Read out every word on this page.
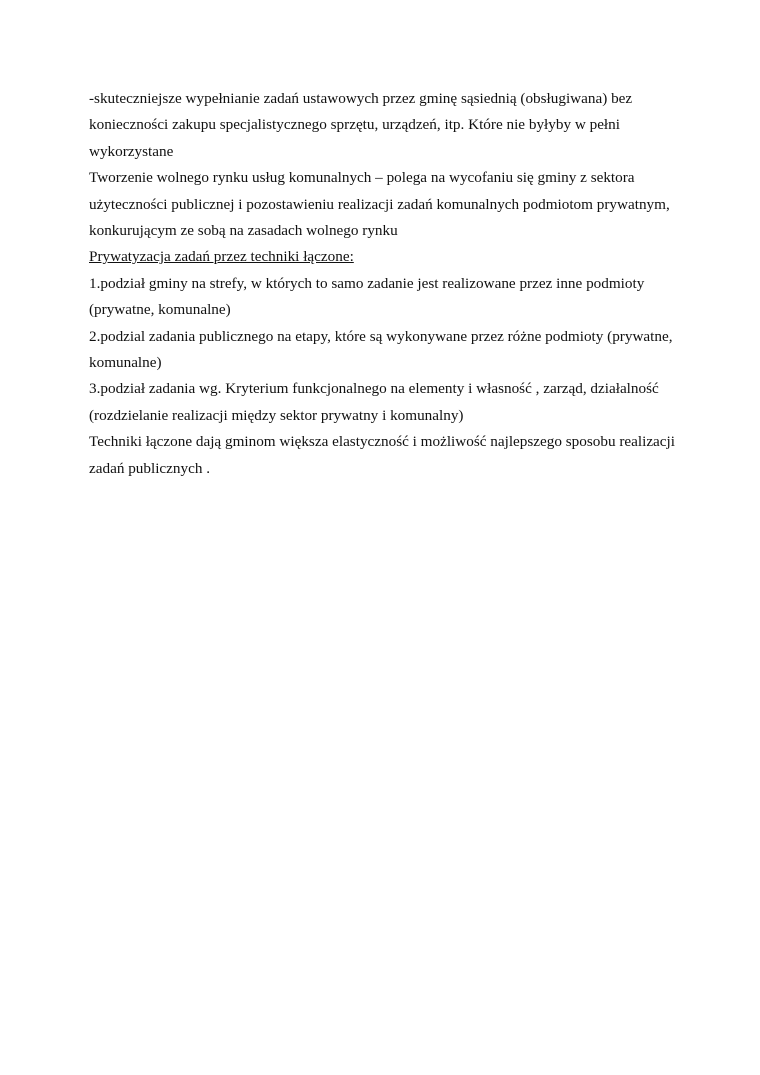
-skuteczniejsze wypełnianie zadań ustawowych przez gminę sąsiednią (obsługiwana) bez konieczności zakupu specjalistycznego sprzętu, urządzeń, itp. Które nie byłyby w pełni wykorzystane

Tworzenie wolnego rynku usług komunalnych – polega na wycofaniu się gminy z sektora użyteczności publicznej i pozostawieniu realizacji zadań komunalnych podmiotom prywatnym, konkurującym ze sobą na zasadach wolnego rynku

Prywatyzacja zadań przez techniki łączone:

1.podział gminy na strefy, w których to samo zadanie jest realizowane przez inne podmioty (prywatne, komunalne)

2.podzial zadania publicznego na etapy, które są wykonywane przez różne podmioty (prywatne, komunalne)

3.podział zadania wg. Kryterium funkcjonalnego na elementy i własność , zarząd, działalność (rozdzielanie realizacji między sektor prywatny i komunalny)

Techniki łączone dają gminom większa elastyczność i możliwość najlepszego sposobu realizacji zadań publicznych .
